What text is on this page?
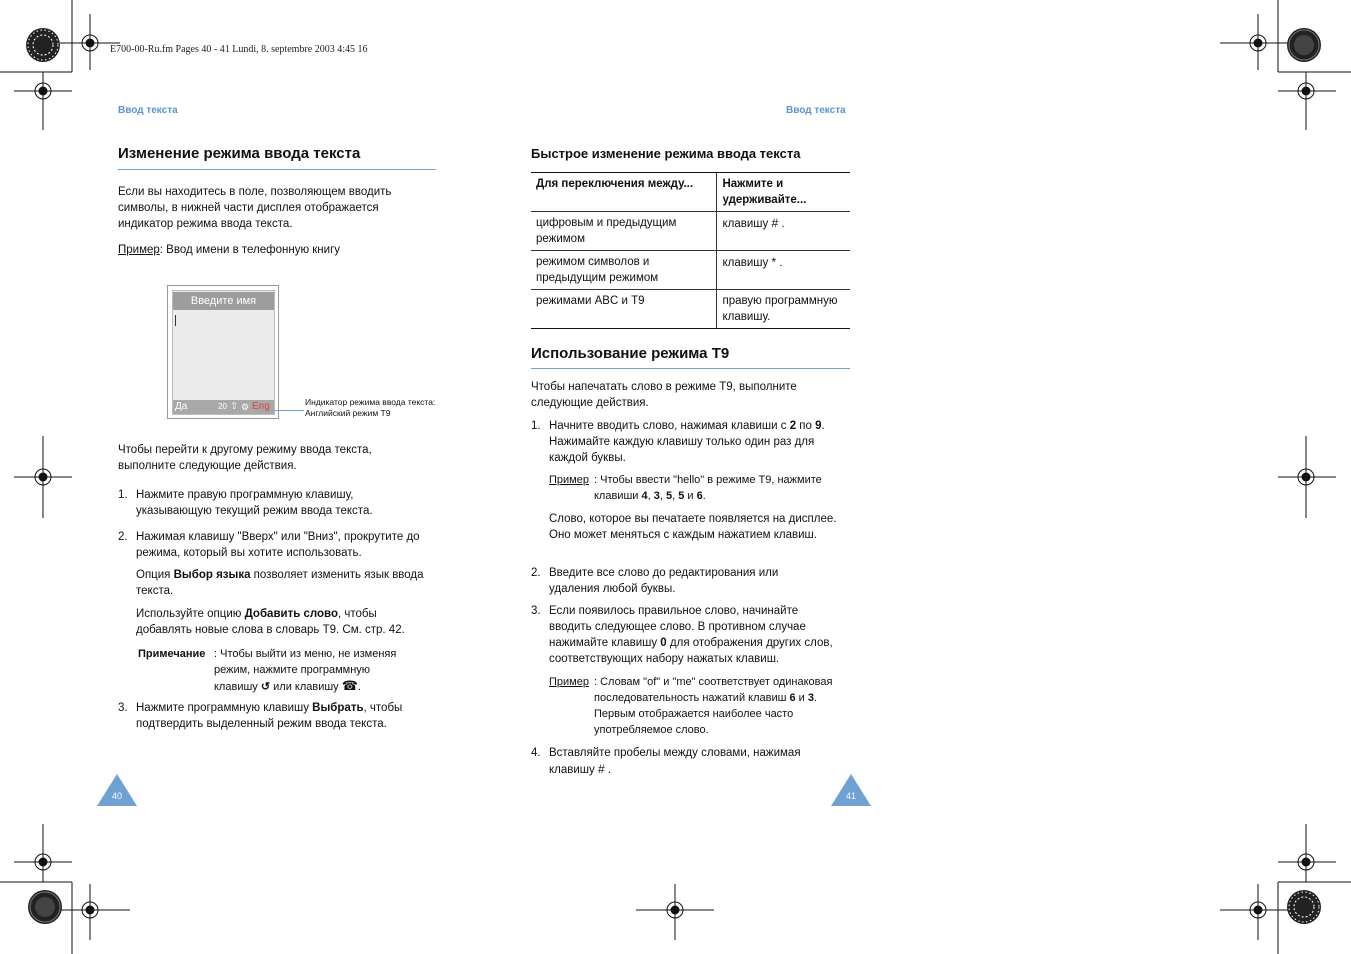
E700-00-Ru.fm Pages 40 - 41 Lundi, 8. septembre 2003 4:45 16
Ввод текста
Изменение режима ввода текста
Если вы находитесь в поле, позволяющем вводить символы, в нижней части дисплея отображается индикатор режима ввода текста.
Пример: Ввод имени в телефонную книгу
Введите имя
Да	20 ⇧ ⚙ Eng	Индикатор режима ввода текста: Английский режим Т9
Чтобы перейти к другому режиму ввода текста, выполните следующие действия.
1. Нажмите правую программную клавишу, указывающую текущий режим ввода текста.
2. Нажимая клавишу "Вверх" или "Вниз", прокрутите до режима, который вы хотите использовать.
Опция Выбор языка позволяет изменить язык ввода текста.
Используйте опцию Добавить слово, чтобы добавлять новые слова в словарь Т9. См. стр. 42.
Примечание : Чтобы выйти из меню, не изменяя режим, нажмите программную клавишу ↺ или клавишу ☎.
3. Нажмите программную клавишу Выбрать, чтобы подтвердить выделенный режим ввода текста.
40
Ввод текста
Быстрое изменение режима ввода текста
Для переключения между...	Нажмите и удерживайте...
цифровым и предыдущим режимом	клавишу # .
режимом символов и предыдущим режимом	клавишу * .
режимами ABC и T9	правую программную клавишу.
Использование режима Т9
Чтобы напечатать слово в режиме Т9, выполните следующие действия.
1. Начните вводить слово, нажимая клавиши с 2 по 9. Нажимайте каждую клавишу только один раз для каждой буквы.
Пример : Чтобы ввести "hello" в режиме Т9, нажмите клавиши 4, 3, 5, 5 и 6.
Слово, которое вы печатаете появляется на дисплее. Оно может меняться с каждым нажатием клавиш.
2. Введите все слово до редактирования или удаления любой буквы.
3. Если появилось правильное слово, начинайте вводить следующее слово. В противном случае нажимайте клавишу 0 для отображения других слов, соответствующих набору нажатых клавиш.
Пример : Словам "of" и "me" соответствует одинаковая последовательность нажатий клавиш 6 и 3. Первым отображается наиболее часто употребляемое слово.
4. Вставляйте пробелы между словами, нажимая клавишу # .
41
